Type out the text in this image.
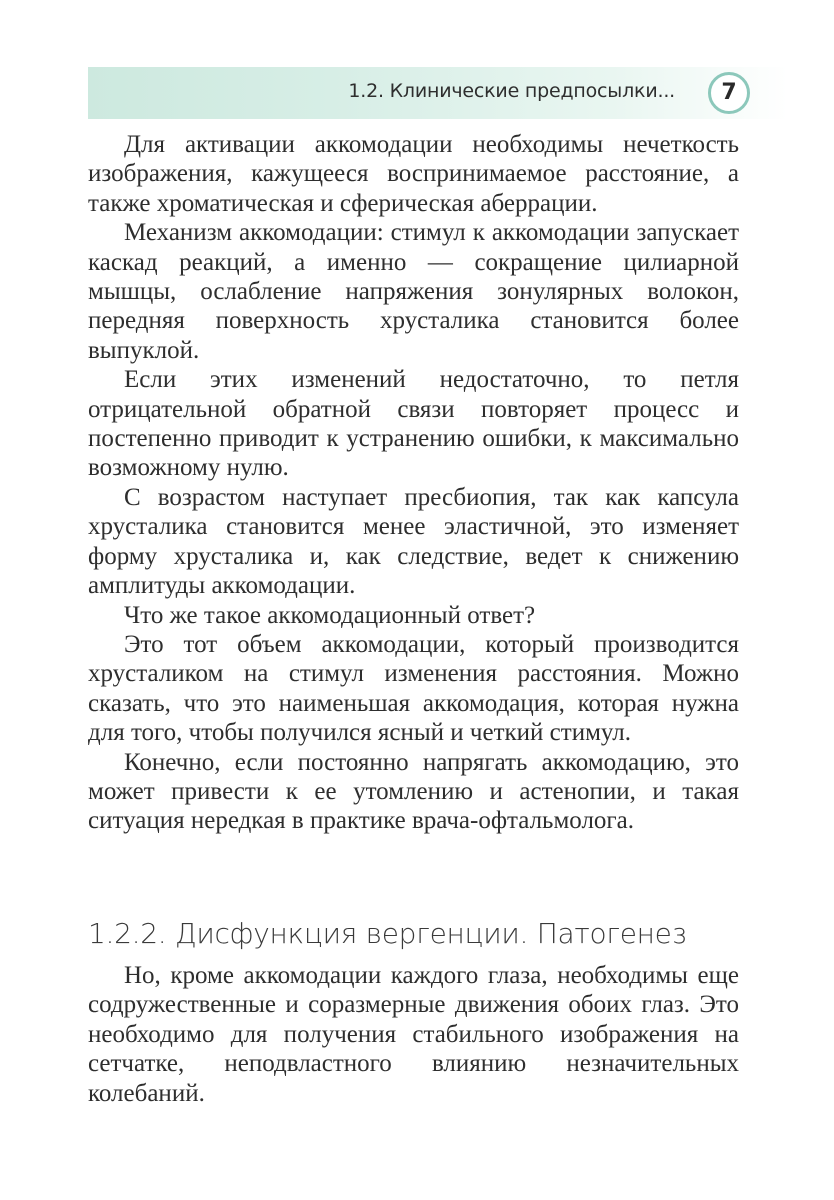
1.2. Клинические предпосылки...	7

Для активации аккомодации необходимы нечеткость изображения, кажущееся воспринимаемое расстояние, а также хроматическая и сферическая аберрации.

Механизм аккомодации: стимул к аккомодации запускает каскад реакций, а именно — сокращение цилиарной мышцы, ослабление напряжения зонулярных волокон, передняя поверхность хрусталика становится более выпуклой.

Если этих изменений недостаточно, то петля отрицательной обратной связи повторяет процесс и постепенно приводит к устранению ошибки, к максимально возможному нулю.

С возрастом наступает пресбиопия, так как капсула хрусталика становится менее эластичной, это изменяет форму хрусталика и, как следствие, ведет к снижению амплитуды аккомодации.

Что же такое аккомодационный ответ?

Это тот объем аккомодации, который производится хрусталиком на стимул изменения расстояния. Можно сказать, что это наименьшая аккомодация, которая нужна для того, чтобы получился ясный и четкий стимул.

Конечно, если постоянно напрягать аккомодацию, это может привести к ее утомлению и астенопии, и такая ситуация нередкая в практике врача-офтальмолога.

1.2.2. Дисфункция вергенции. Патогенез

Но, кроме аккомодации каждого глаза, необходимы еще содружественные и соразмерные движения обоих глаз. Это необходимо для получения стабильного изображения на сетчатке, неподвластного влиянию незначительных колебаний.
